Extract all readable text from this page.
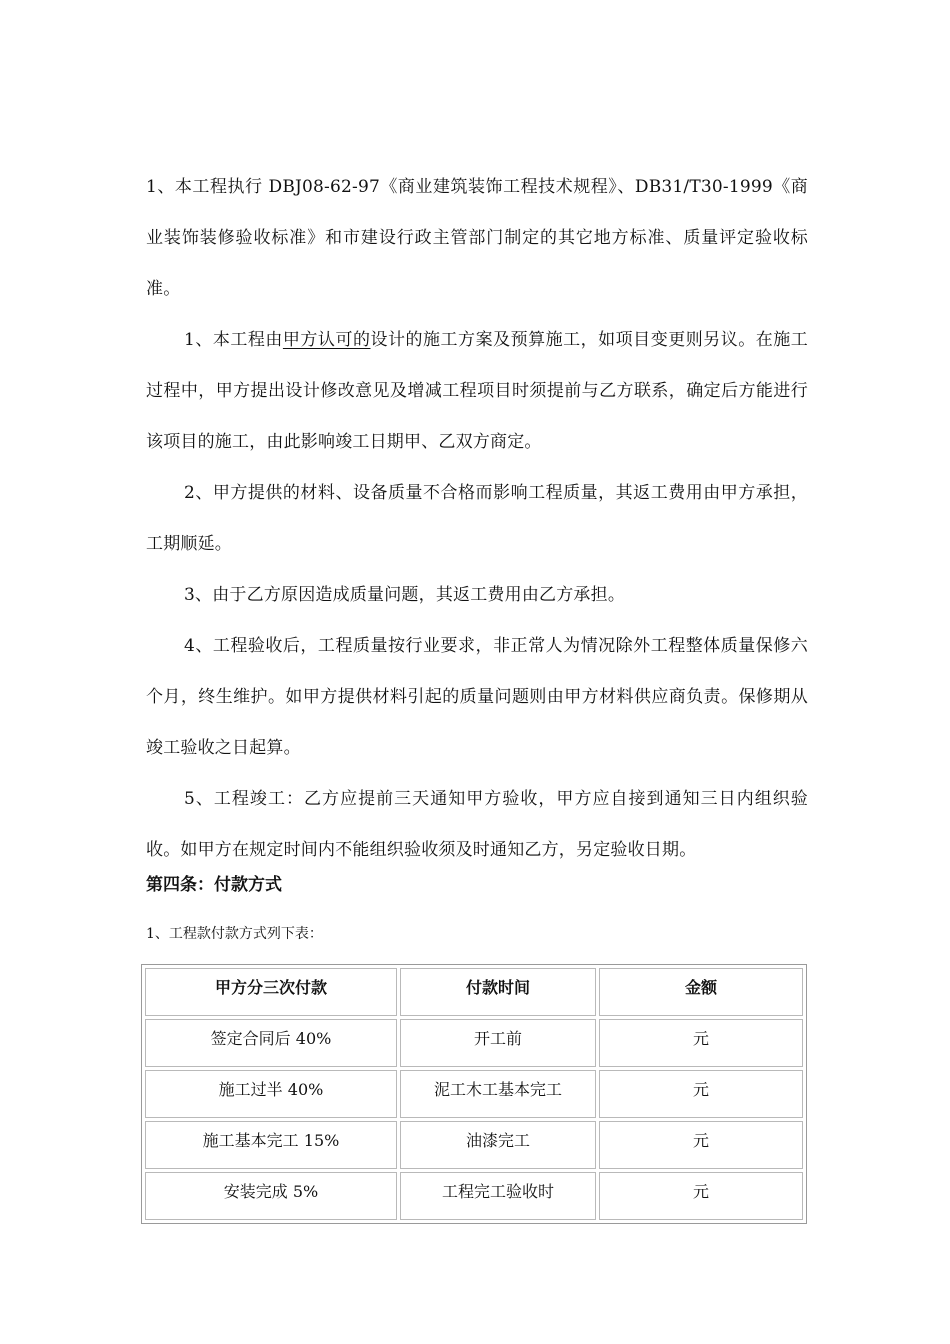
1、本工程执行 DBJ08-62-97《商业建筑装饰工程技术规程》、DB31/T30-1999《商业装饰装修验收标准》和市建设行政主管部门制定的其它地方标准、质量评定验收标准。

1、本工程由甲方认可的设计的施工方案及预算施工，如项目变更则另议。在施工过程中，甲方提出设计修改意见及增减工程项目时须提前与乙方联系，确定后方能进行该项目的施工，由此影响竣工日期甲、乙双方商定。

2、甲方提供的材料、设备质量不合格而影响工程质量，其返工费用由甲方承担，工期顺延。

3、由于乙方原因造成质量问题，其返工费用由乙方承担。

4、工程验收后，工程质量按行业要求，非正常人为情况除外工程整体质量保修六个月，终生维护。如甲方提供材料引起的质量问题则由甲方材料供应商负责。保修期从竣工验收之日起算。

5、工程竣工：乙方应提前三天通知甲方验收，甲方应自接到通知三日内组织验收。如甲方在规定时间内不能组织验收须及时通知乙方，另定验收日期。

第四条：付款方式

1、工程款付款方式列下表：

甲方分三次付款	付款时间	金额
签定合同后 40%	开工前	元
施工过半 40%	泥工木工基本完工	元
施工基本完工 15%	油漆完工	元
安装完成 5%	工程完工验收时	元
